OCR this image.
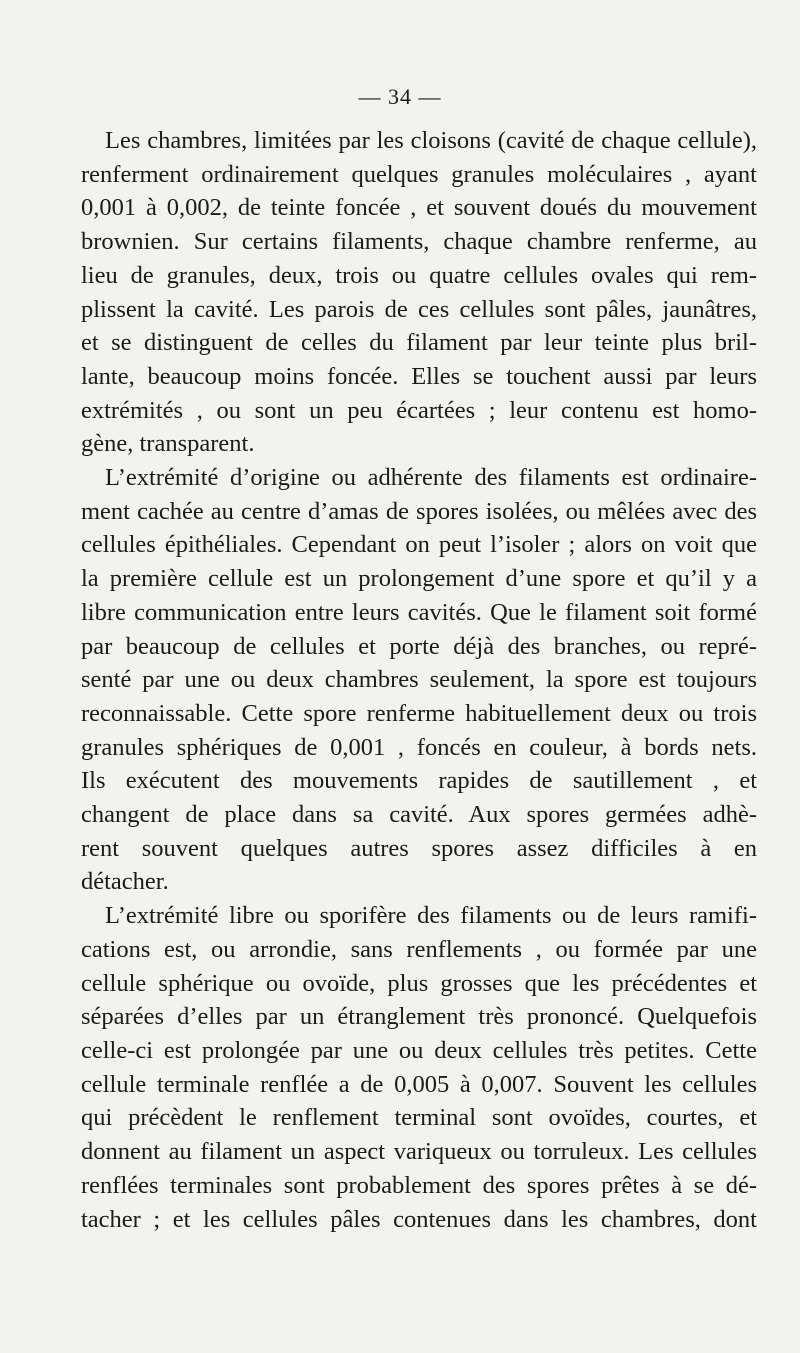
— 34 —
Les chambres, limitées par les cloisons (cavité de chaque cellule),
renferment ordinairement quelques granules moléculaires , ayant
0,001 à 0,002, de teinte foncée , et souvent doués du mouvement
brownien. Sur certains filaments, chaque chambre renferme, au
lieu de granules, deux, trois ou quatre cellules ovales qui rem-
plissent la cavité. Les parois de ces cellules sont pâles, jaunâtres,
et se distinguent de celles du filament par leur teinte plus bril-
lante, beaucoup moins foncée. Elles se touchent aussi par leurs
extrémités , ou sont un peu écartées ; leur contenu est homo-
gène, transparent.
L’extrémité d’origine ou adhérente des filaments est ordinaire-
ment cachée au centre d’amas de spores isolées, ou mêlées avec des
cellules épithéliales. Cependant on peut l’isoler ; alors on voit que
la première cellule est un prolongement d’une spore et qu’il y a
libre communication entre leurs cavités. Que le filament soit formé
par beaucoup de cellules et porte déjà des branches, ou repré-
senté par une ou deux chambres seulement, la spore est toujours
reconnaissable. Cette spore renferme habituellement deux ou trois
granules sphériques de 0,001 , foncés en couleur, à bords nets.
Ils exécutent des mouvements rapides de sautillement , et
changent de place dans sa cavité. Aux spores germées adhè-
rent souvent quelques autres spores assez difficiles à en
détacher.
L’extrémité libre ou sporifère des filaments ou de leurs ramifi-
cations est, ou arrondie, sans renflements , ou formée par une
cellule sphérique ou ovoïde, plus grosses que les précédentes et
séparées d’elles par un étranglement très prononcé. Quelquefois
celle-ci est prolongée par une ou deux cellules très petites. Cette
cellule terminale renflée a de 0,005 à 0,007. Souvent les cellules
qui précèdent le renflement terminal sont ovoïdes, courtes, et
donnent au filament un aspect variqueux ou torruleux. Les cellules
renflées terminales sont probablement des spores prêtes à se dé-
tacher ; et les cellules pâles contenues dans les chambres, dont
